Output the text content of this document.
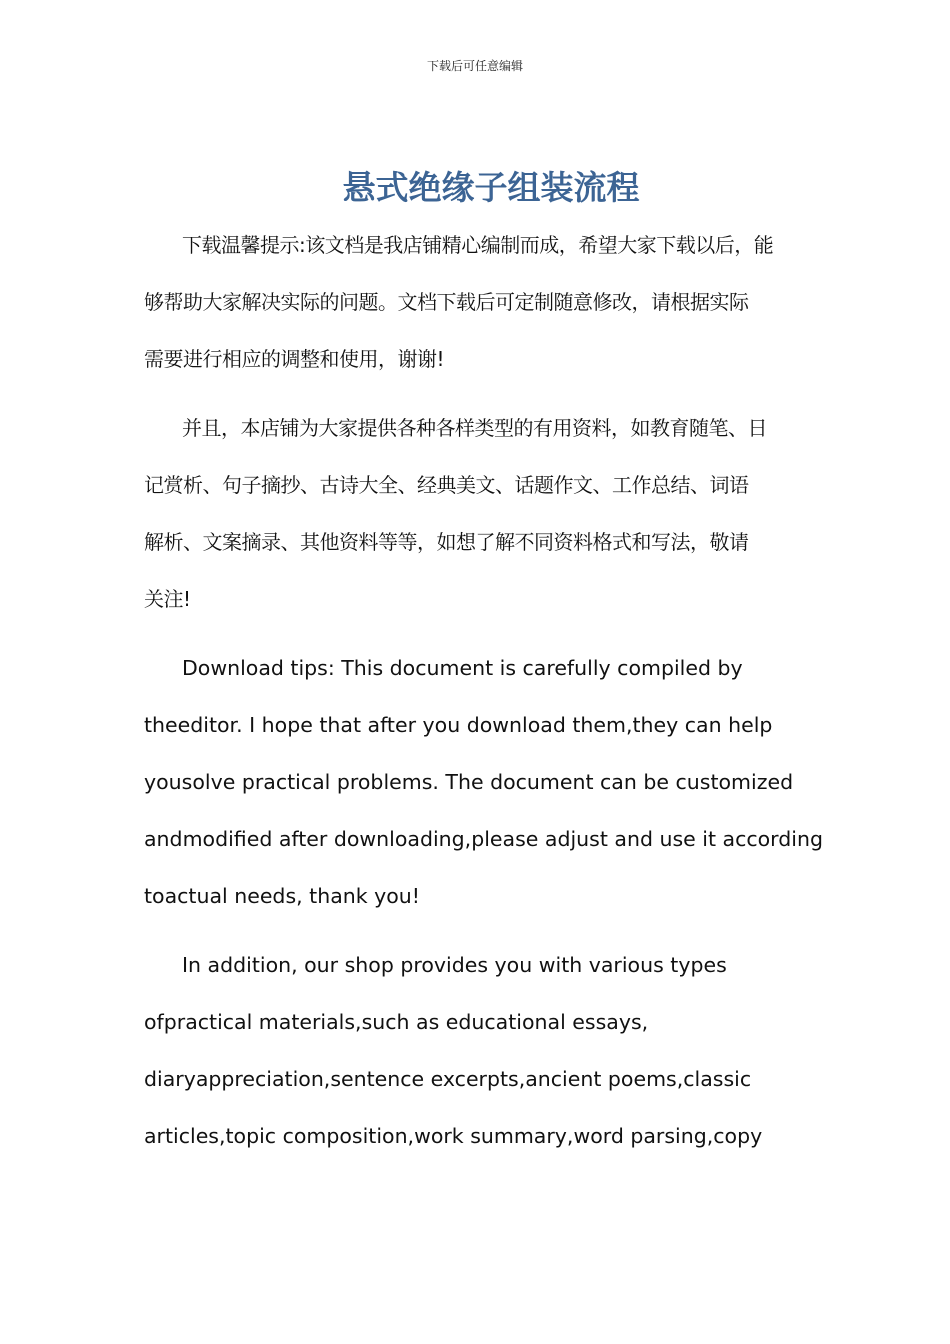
下载后可任意编辑
悬式绝缘子组装流程
下载温馨提示:该文档是我店铺精心编制而成，希望大家下载以后，能
够帮助大家解决实际的问题。文档下载后可定制随意修改，请根据实际
需要进行相应的调整和使用，谢谢!
并且，本店铺为大家提供各种各样类型的有用资料，如教育随笔、日
记赏析、句子摘抄、古诗大全、经典美文、话题作文、工作总结、词语
解析、文案摘录、其他资料等等，如想了解不同资料格式和写法，敬请
关注!
Download tips: This document is carefully compiled by
theeditor. I hope that after you download them,they can help
yousolve practical problems. The document can be customized
andmodified after downloading,please adjust and use it according
toactual needs, thank you!
In addition, our shop provides you with various types
ofpractical materials,such as educational essays,
diaryappreciation,sentence excerpts,ancient poems,classic
articles,topic composition,work summary,word parsing,copy
